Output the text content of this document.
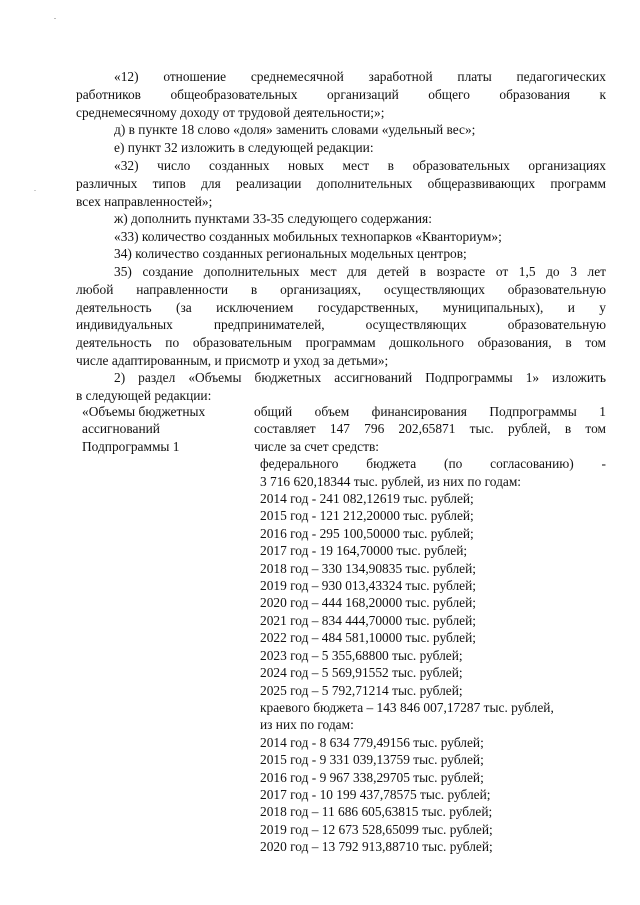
«12) отношение среднемесячной заработной платы педагогических
работников общеобразовательных организаций общего образования к
среднемесячному доходу от трудовой деятельности;»;
д) в пункте 18 слово «доля» заменить словами «удельный вес»;
е) пункт 32 изложить в следующей редакции:
«32) число созданных новых мест в образовательных организациях
различных типов для реализации дополнительных общеразвивающих программ
всех направленностей»;
ж) дополнить пунктами 33-35 следующего содержания:
«33) количество созданных мобильных технопарков «Кванториум»;
34) количество созданных региональных модельных центров;
35) создание дополнительных мест для детей в возрасте от 1,5 до 3 лет
любой направленности в организациях, осуществляющих образовательную
деятельность (за исключением государственных, муниципальных), и у
индивидуальных предпринимателей, осуществляющих образовательную
деятельность по образовательным программам дошкольного образования, в том
числе адаптированным, и присмотр и уход за детьми»;
2) раздел «Объемы бюджетных ассигнований Подпрограммы 1» изложить
в следующей редакции:
«Объемы бюджетных
ассигнований
Подпрограммы 1
общий объем финансирования Подпрограммы 1
составляет 147 796 202,65871 тыс. рублей, в том
числе за счет средств:
федерального бюджета (по согласованию) -
3 716 620,18344 тыс. рублей, из них по годам:
2014 год - 241 082,12619 тыс. рублей;
2015 год - 121 212,20000 тыс. рублей;
2016 год - 295 100,50000 тыс. рублей;
2017 год - 19 164,70000 тыс. рублей;
2018 год – 330 134,90835 тыс. рублей;
2019 год – 930 013,43324 тыс. рублей;
2020 год – 444 168,20000 тыс. рублей;
2021 год – 834 444,70000 тыс. рублей;
2022 год – 484 581,10000 тыс. рублей;
2023 год – 5 355,68800 тыс. рублей;
2024 год – 5 569,91552 тыс. рублей;
2025 год – 5 792,71214 тыс. рублей;
краевого бюджета – 143 846 007,17287 тыс. рублей,
из них по годам:
2014 год - 8 634 779,49156 тыс. рублей;
2015 год - 9 331 039,13759 тыс. рублей;
2016 год - 9 967 338,29705 тыс. рублей;
2017 год - 10 199 437,78575 тыс. рублей;
2018 год – 11 686 605,63815 тыс. рублей;
2019 год – 12 673 528,65099 тыс. рублей;
2020 год – 13 792 913,88710 тыс. рублей;
